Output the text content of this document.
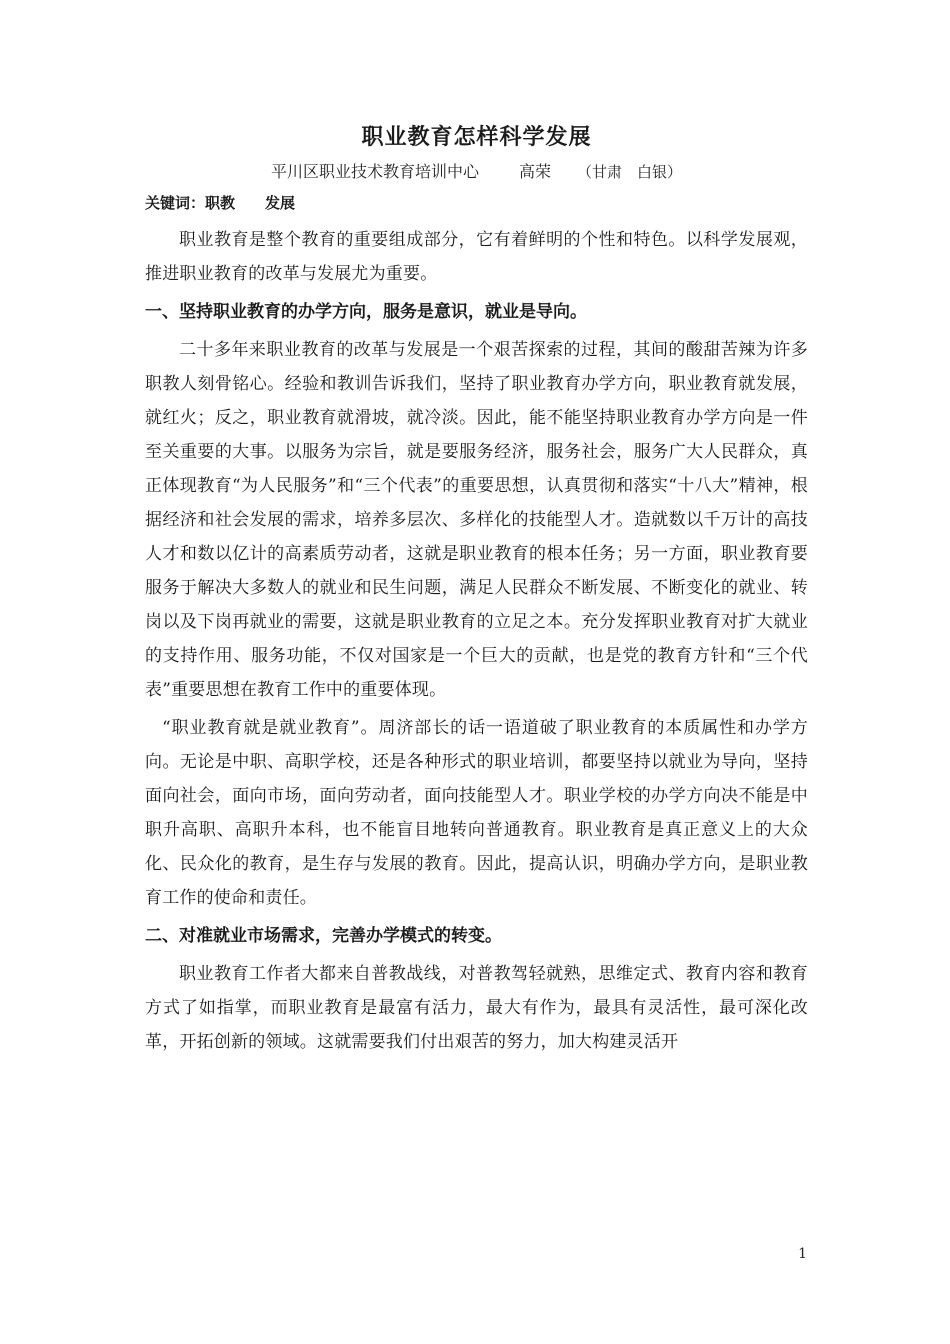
职业教育怎样科学发展
平川区职业技术教育培训中心	高荣 （甘肃　白银）
关键词：职教 发展

职业教育是整个教育的重要组成部分，它有着鲜明的个性和特色。以科学发展观，推进职业教育的改革与发展尤为重要。

一、坚持职业教育的办学方向，服务是意识，就业是导向。

二十多年来职业教育的改革与发展是一个艰苦探索的过程，其间的酸甜苦辣为许多职教人刻骨铭心。经验和教训告诉我们，坚持了职业教育办学方向，职业教育就发展，就红火；反之，职业教育就滑坡，就冷淡。因此，能不能坚持职业教育办学方向是一件至关重要的大事。以服务为宗旨，就是要服务经济，服务社会，服务广大人民群众，真正体现教育“为人民服务”和“三个代表”的重要思想，认真贯彻和落实“十八大”精神，根据经济和社会发展的需求，培养多层次、多样化的技能型人才。造就数以千万计的高技人才和数以亿计的高素质劳动者，这就是职业教育的根本任务；另一方面，职业教育要服务于解决大多数人的就业和民生问题，满足人民群众不断发展、不断变化的就业、转岗以及下岗再就业的需要，这就是职业教育的立足之本。充分发挥职业教育对扩大就业的支持作用、服务功能，不仅对国家是一个巨大的贡献，也是党的教育方针和“三个代表”重要思想在教育工作中的重要体现。

“职业教育就是就业教育”。周济部长的话一语道破了职业教育的本质属性和办学方向。无论是中职、高职学校，还是各种形式的职业培训，都要坚持以就业为导向，坚持面向社会，面向市场，面向劳动者，面向技能型人才。职业学校的办学方向决不能是中职升高职、高职升本科，也不能盲目地转向普通教育。职业教育是真正意义上的大众化、民众化的教育，是生存与发展的教育。因此，提高认识，明确办学方向，是职业教育工作的使命和责任。

二、对准就业市场需求，完善办学模式的转变。

职业教育工作者大都来自普教战线，对普教驾轻就熟，思维定式、教育内容和教育方式了如指掌，而职业教育是最富有活力，最大有作为，最具有灵活性，最可深化改革，开拓创新的领域。这就需要我们付出艰苦的努力，加大构建灵活开

1
